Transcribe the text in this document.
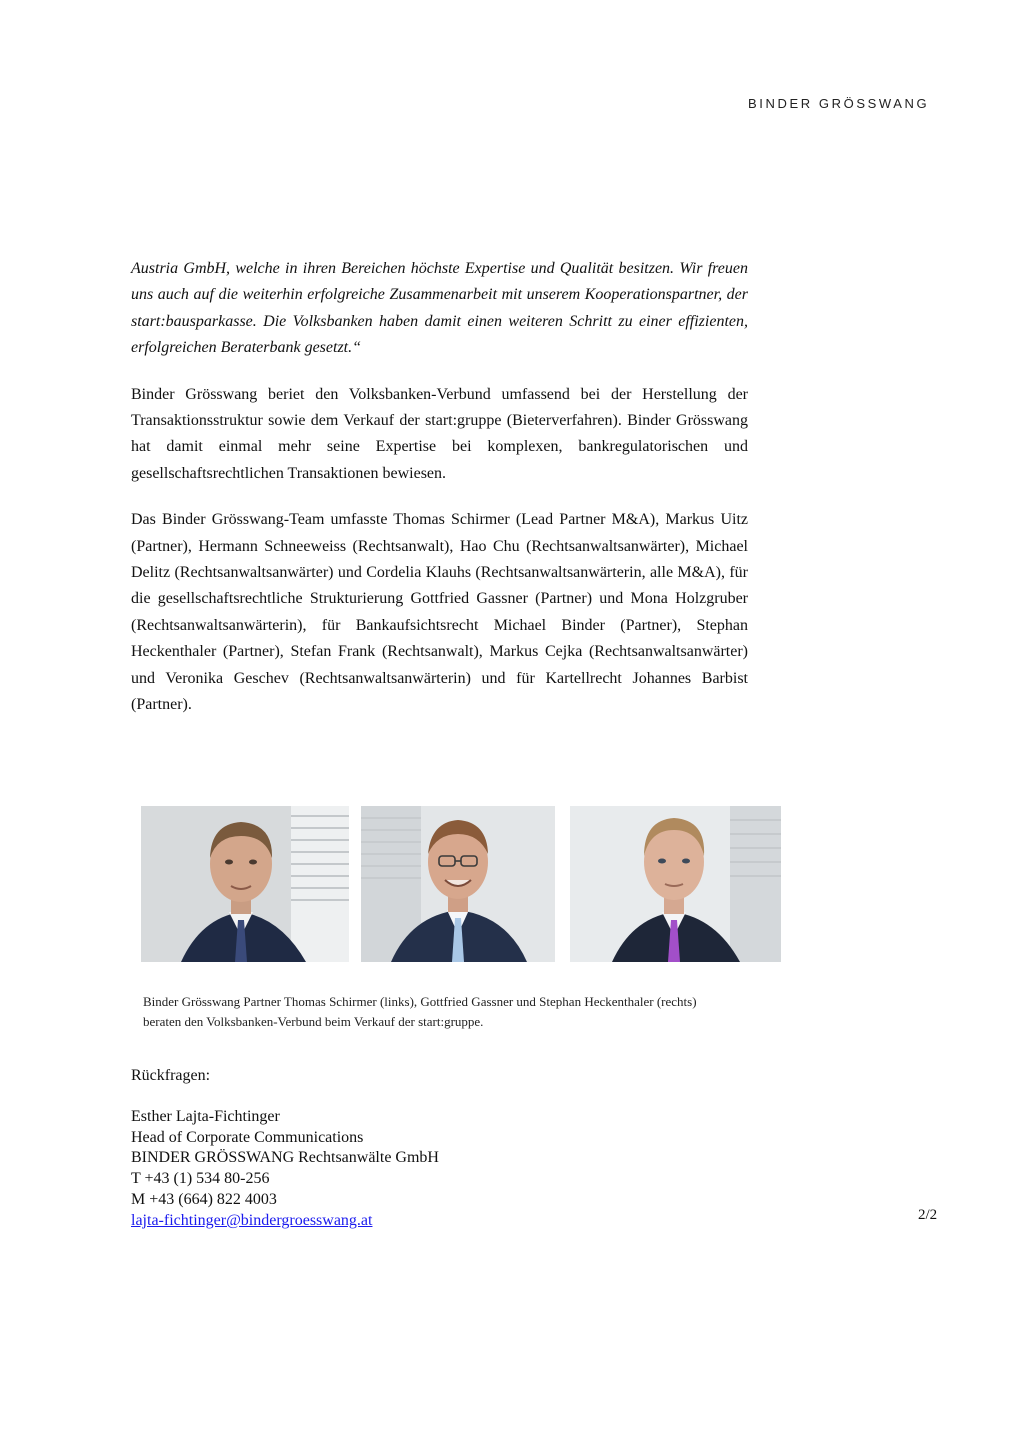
BINDER GRÖSSWANG

Austria GmbH, welche in ihren Bereichen höchste Expertise und Qualität besitzen. Wir freuen uns auch auf die weiterhin erfolgreiche Zusammenarbeit mit unserem Kooperationspartner, der start:bausparkasse. Die Volksbanken haben damit einen weiteren Schritt zu einer effizienten, erfolgreichen Beraterbank gesetzt.“

Binder Grösswang beriet den Volksbanken-Verbund umfassend bei der Herstellung der Transaktionsstruktur sowie dem Verkauf der start:gruppe (Bieterverfahren). Binder Grösswang hat damit einmal mehr seine Expertise bei komplexen, bankregulatorischen und gesellschaftsrechtlichen Transaktionen bewiesen.

Das Binder Grösswang-Team umfasste Thomas Schirmer (Lead Partner M&A), Markus Uitz (Partner), Hermann Schneeweiss (Rechtsanwalt), Hao Chu (Rechtsanwaltsanwärter), Michael Delitz (Rechtsanwaltsanwärter) und Cordelia Klauhs (Rechtsanwaltsanwärterin, alle M&A), für die gesellschaftsrechtliche Strukturierung Gottfried Gassner (Partner) und Mona Holzgruber (Rechtsanwaltsanwärterin), für Bankaufsichtsrecht Michael Binder (Partner), Stephan Heckenthaler (Partner), Stefan Frank (Rechtsanwalt), Markus Cejka (Rechtsanwaltsanwärter) und Veronika Geschev (Rechtsanwaltsanwärterin) und für Kartellrecht Johannes Barbist (Partner).

Binder Grösswang Partner Thomas Schirmer (links), Gottfried Gassner und Stephan Heckenthaler (rechts)
beraten den Volksbanken-Verbund beim Verkauf der start:gruppe.
Rückfragen:
Esther Lajta-Fichtinger
Head of Corporate Communications
BINDER GRÖSSWANG Rechtsanwälte GmbH
T +43 (1) 534 80-256
M +43 (664) 822 4003
lajta-fichtinger@bindergroesswang.at	2/2
